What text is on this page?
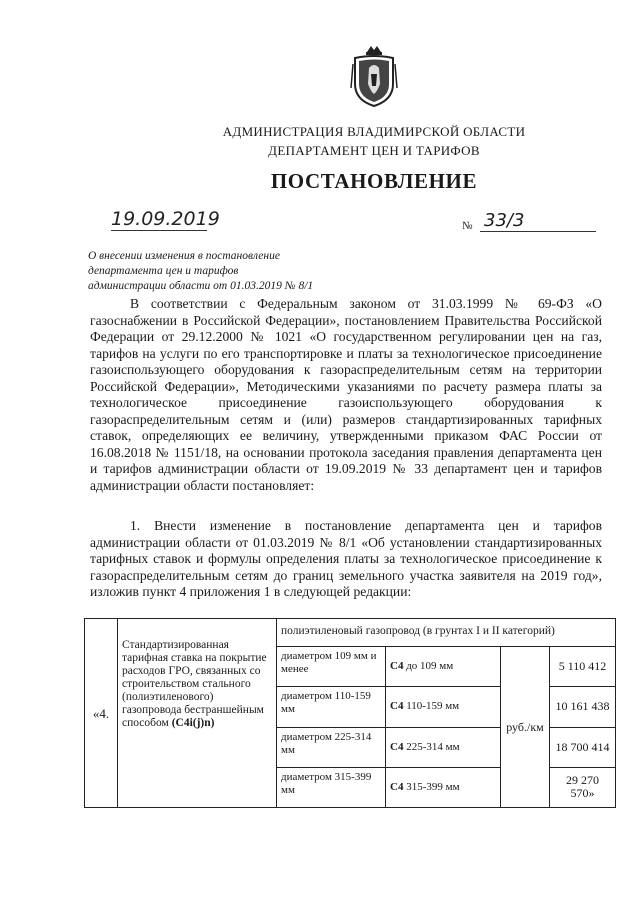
АДМИНИСТРАЦИЯ ВЛАДИМИРСКОЙ ОБЛАСТИ
ДЕПАРТАМЕНТ ЦЕН И ТАРИФОВ
ПОСТАНОВЛЕНИЕ
19.09.2019	№ 33/3
О внесении изменения в постановление
департамента цен и тарифов
администрации области от 01.03.2019 № 8/1
В соответствии с Федеральным законом от 31.03.1999 № 69-ФЗ «О газоснабжении в Российской Федерации», постановлением Правительства Российской Федерации от 29.12.2000 № 1021 «О государственном регулировании цен на газ, тарифов на услуги по его транспортировке и платы за технологическое присоединение газоиспользующего оборудования к газораспределительным сетям на территории Российской Федерации», Методическими указаниями по расчету размера платы за технологическое присоединение газоиспользующего оборудования к газораспределительным сетям и (или) размеров стандартизированных тарифных ставок, определяющих ее величину, утвержденными приказом ФАС России от 16.08.2018 № 1151/18, на основании протокола заседания правления департамента цен и тарифов администрации области от 19.09.2019 № 33 департамент цен и тарифов администрации области постановляет:
1. Внести изменение в постановление департамента цен и тарифов администрации области от 01.03.2019 № 8/1 «Об установлении стандартизированных тарифных ставок и формулы определения платы за технологическое присоединение к газораспределительным сетям до границ земельного участка заявителя на 2019 год», изложив пункт 4 приложения 1 в следующей редакции:
«4.	Стандартизированная тарифная ставка на покрытие расходов ГРО, связанных со строительством стального (полиэтиленового) газопровода бестраншейным способом (C4i(j)n)	полиэтиленовый газопровод (в грунтах I и II категорий)			
		диаметром 109 мм и менее	C4 до 109 мм	руб./км	5 110 412
		диаметром 110-159 мм	C4 110-159 мм		10 161 438
		диаметром 225-314 мм	C4 225-314 мм		18 700 414
		диаметром 315-399 мм	C4 315-399 мм		29 270 570»
